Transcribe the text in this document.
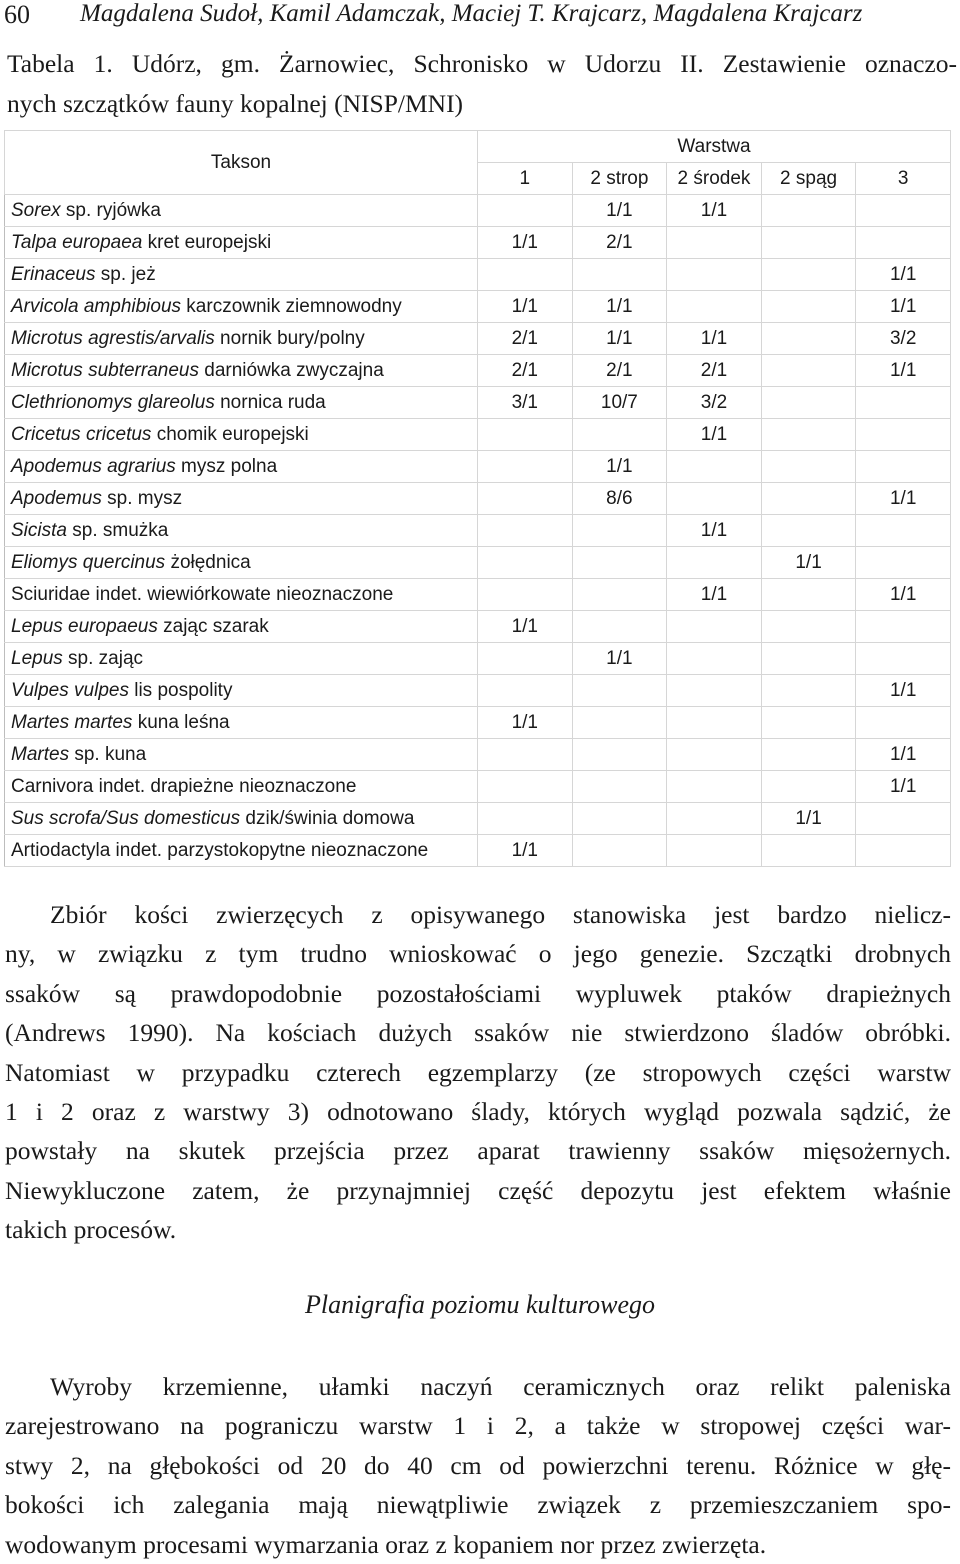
60 Magdalena Sudoł, Kamil Adamczak, Maciej T. Krajcarz, Magdalena Krajcarz
Tabela 1. Udórz, gm. Żarnowiec, Schronisko w Udorzu II. Zestawienie oznaczo-
nych szczątków fauny kopalnej (NISP/MNI)
Takson	Warstwa				
	1	2 strop	2 środek	2 spąg	3
Sorex sp. ryjówka		1/1	1/1		
Talpa europaea kret europejski	1/1	2/1			
Erinaceus sp. jeż					1/1
Arvicola amphibious karczownik ziemnowodny	1/1	1/1			1/1
Microtus agrestis/arvalis nornik bury/polny	2/1	1/1	1/1		3/2
Microtus subterraneus darniówka zwyczajna	2/1	2/1	2/1		1/1
Clethrionomys glareolus nornica ruda	3/1	10/7	3/2		
Cricetus cricetus chomik europejski			1/1		
Apodemus agrarius mysz polna		1/1			
Apodemus sp. mysz		8/6			1/1
Sicista sp. smużka			1/1		
Eliomys quercinus żołędnica				1/1	
Sciuridae indet. wiewiórkowate nieoznaczone			1/1		1/1
Lepus europaeus zając szarak	1/1				
Lepus sp. zając		1/1			
Vulpes vulpes lis pospolity					1/1
Martes martes kuna leśna	1/1				
Martes sp. kuna					1/1
Carnivora indet. drapieżne nieoznaczone					1/1
Sus scrofa/Sus domesticus dzik/świnia domowa				1/1	
Artiodactyla indet. parzystokopytne nieoznaczone	1/1				
Zbiór kości zwierzęcych z opisywanego stanowiska jest bardzo nielicz-
ny, w związku z tym trudno wnioskować o jego genezie. Szczątki drobnych
ssaków są prawdopodobnie pozostałościami wypluwek ptaków drapieżnych
(Andrews 1990). Na kościach dużych ssaków nie stwierdzono śladów obróbki.
Natomiast w przypadku czterech egzemplarzy (ze stropowych części warstw
1 i 2 oraz z warstwy 3) odnotowano ślady, których wygląd pozwala sądzić, że
powstały na skutek przejścia przez aparat trawienny ssaków mięsożernych.
Niewykluczone zatem, że przynajmniej część depozytu jest efektem właśnie
takich procesów.
Planigrafia poziomu kulturowego
Wyroby krzemienne, ułamki naczyń ceramicznych oraz relikt paleniska
zarejestrowano na pograniczu warstw 1 i 2, a także w stropowej części war-
stwy 2, na głębokości od 20 do 40 cm od powierzchni terenu. Różnice w głę-
bokości ich zalegania mają niewątpliwie związek z przemieszczaniem spo-
wodowanym procesami wymarzania oraz z kopaniem nor przez zwierzęta.
